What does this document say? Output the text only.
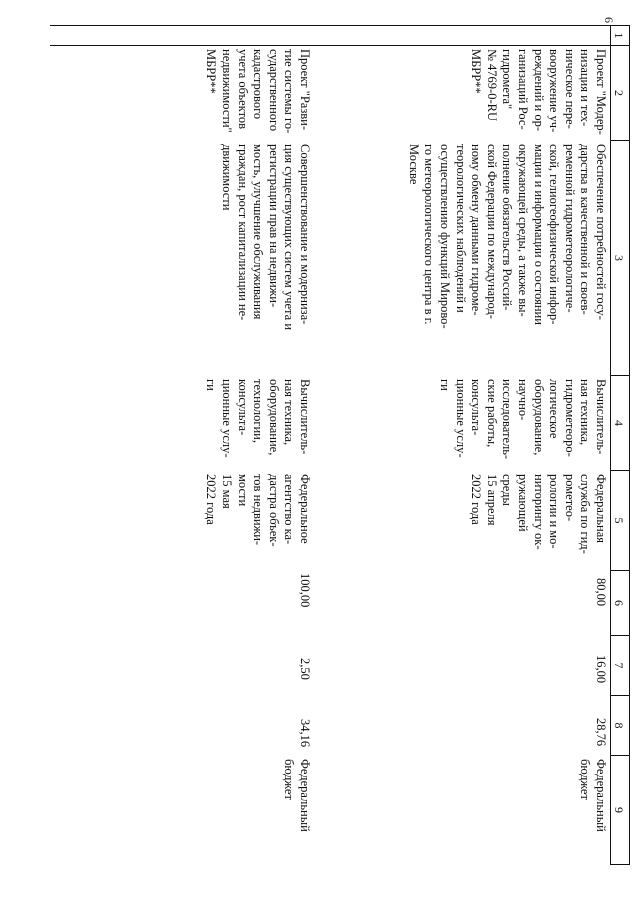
6
1
2
3
4
5
6
7
8
9
Проект "Модер-
низация и тех-
ническое пере-
вооружение уч-
реждений и ор-
ганизаций Рос-
гидромета"
№ 4769-0-RU
МБРР**
Обеспечение потребностей госу-
дарства в качественной и своев-
ременной гидрометеорологиче-
ской, гелиогеофизической инфор-
мации и информации о состоянии
окружающей среды, а также вы-
полнение обязательств Россий-
ской Федерации по международ-
ному обмену данными гидроме-
теорологических наблюдений и
осуществлению функций Мирово-
го метеорологического центра в г.
Москве
Вычислитель-
ная техника,
гидрометеоро-
логическое
оборудование,
научно-
исследователь-
ские работы,
консульта-
ционные услу-
ги
Федеральная
служба по гид-
рометео-
рологии и мо-
ниторингу ок-
ружающей
среды
15 апреля
2022 года
80,00
16,00
28,76
Федеральный
бюджет
Проект "Разви-
тие системы го-
сударственного
кадастрового
учета объектов
недвижимости"
МБРР**
Совершенствование и модерниза-
ция существующих систем учета и
регистрации прав на недвижи-
мость, улучшение обслуживания
граждан, рост капитализации не-
движимости
Вычислитель-
ная техника,
оборудование,
технологии,
консульта-
ционные услу-
ги
Федеральное
агентство ка-
дастра объек-
тов недвижи-
мости
15 мая
2022 года
100,00
2,50
34,16
Федеральный
бюджет
